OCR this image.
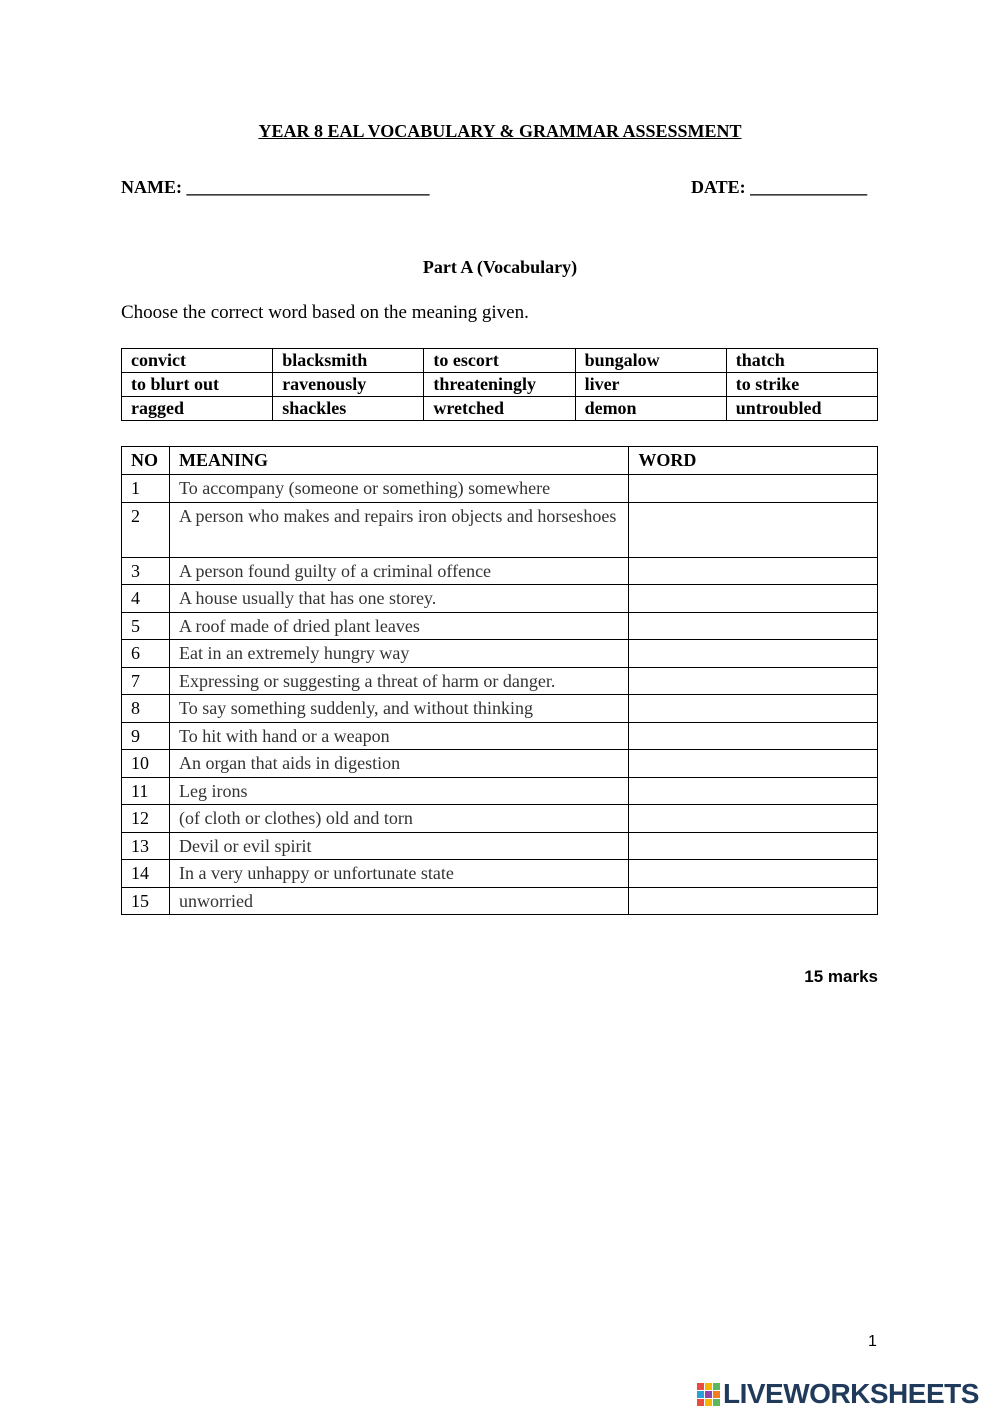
YEAR 8 EAL VOCABULARY & GRAMMAR ASSESSMENT
NAME: ___________________________	DATE: _____________
Part A (Vocabulary)
Choose the correct word based on the meaning given.
convict	blacksmith	to escort	bungalow	thatch
to blurt out	ravenously	threateningly	liver	to strike
ragged	shackles	wretched	demon	untroubled
NO	MEANING	WORD
1	To accompany (someone or something) somewhere	
2	A person who makes and repairs iron objects and horseshoes	
3	A person found guilty of a criminal offence	
4	A house usually that has one storey.	
5	A roof made of dried plant leaves	
6	Eat in an extremely hungry way	
7	Expressing or suggesting a threat of harm or danger.	
8	To say something suddenly, and without thinking	
9	To hit with hand or a weapon	
10	An organ that aids in digestion	
11	Leg irons	
12	(of cloth or clothes) old and torn	
13	Devil or evil spirit	
14	In a very unhappy or unfortunate state	
15	unworried	
15 marks
1
LIVEWORKSHEETS
